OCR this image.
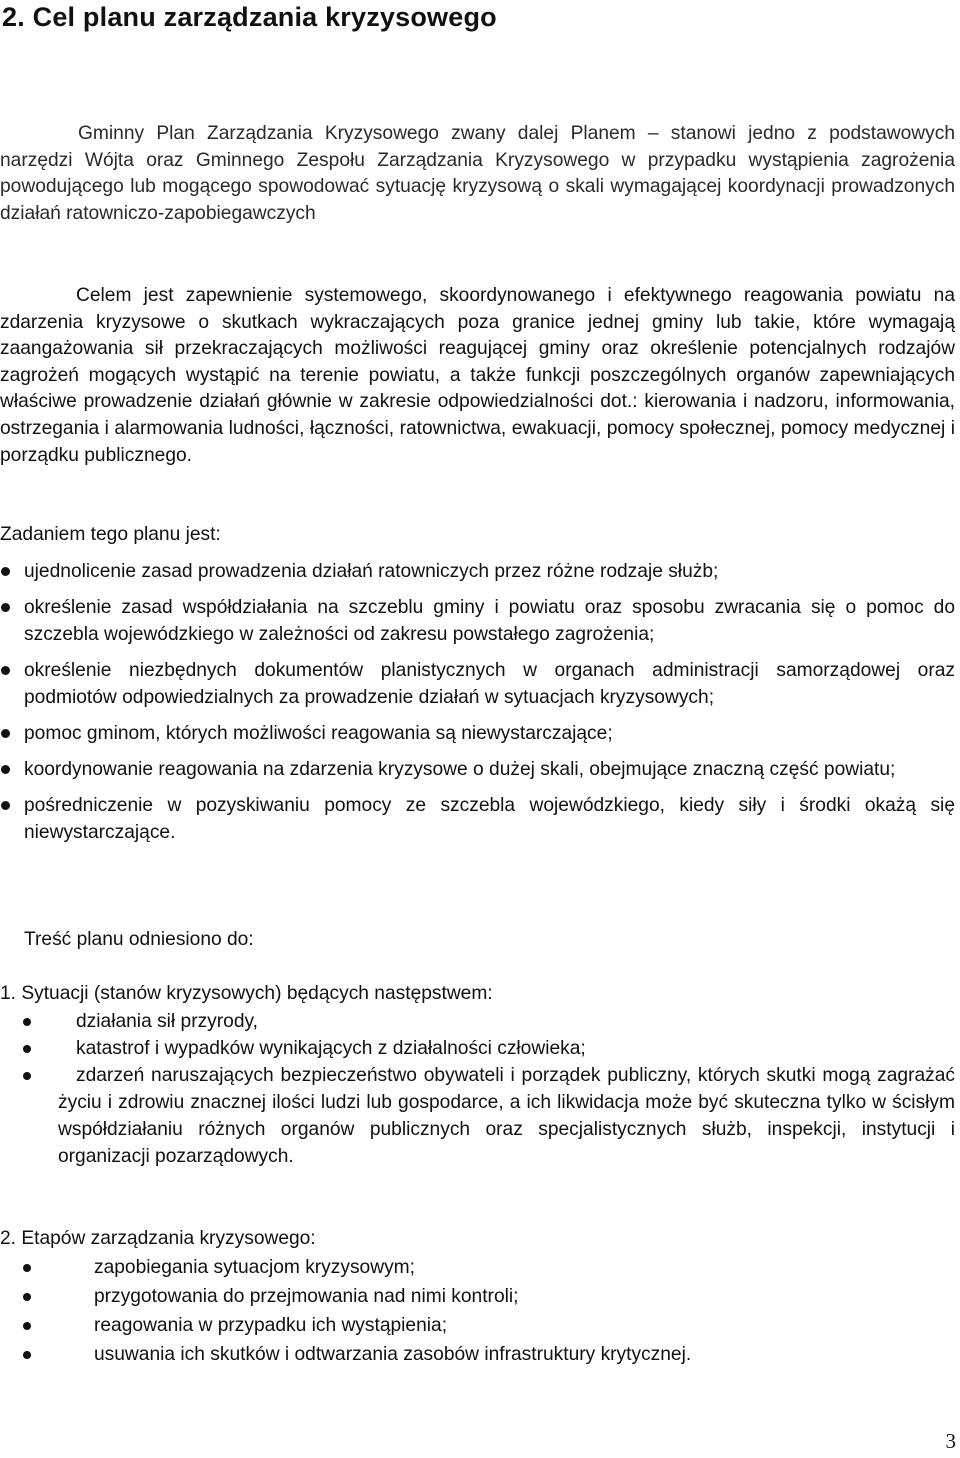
2. Cel planu zarządzania kryzysowego

Gminny Plan Zarządzania Kryzysowego zwany dalej Planem – stanowi jedno z podstawowych narzędzi Wójta oraz Gminnego Zespołu Zarządzania Kryzysowego w przypadku wystąpienia zagrożenia powodującego lub mogącego spowodować sytuację kryzysową o skali wymagającej koordynacji prowadzonych działań ratowniczo-zapobiegawczych

Celem jest zapewnienie systemowego, skoordynowanego i efektywnego reagowania powiatu na zdarzenia kryzysowe o skutkach wykraczających poza granice jednej gminy lub takie, które wymagają zaangażowania sił przekraczających możliwości reagującej gminy oraz określenie potencjalnych rodzajów zagrożeń mogących wystąpić na terenie powiatu, a także funkcji poszczególnych organów zapewniających właściwe prowadzenie działań głównie w zakresie odpowiedzialności dot.: kierowania i nadzoru, informowania, ostrzegania i alarmowania ludności, łączności, ratownictwa, ewakuacji, pomocy społecznej, pomocy medycznej i porządku publicznego.

Zadaniem tego planu jest:

ujednolicenie zasad prowadzenia działań ratowniczych przez różne rodzaje służb;
określenie zasad współdziałania na szczeblu gminy i powiatu oraz sposobu zwracania się o pomoc do szczebla wojewódzkiego w zależności od zakresu powstałego zagrożenia;
określenie niezbędnych dokumentów planistycznych w organach administracji samorządowej oraz podmiotów odpowiedzialnych za prowadzenie działań w sytuacjach kryzysowych;
pomoc gminom, których możliwości reagowania są niewystarczające;
koordynowanie reagowania na zdarzenia kryzysowe o dużej skali, obejmujące znaczną część powiatu;
pośredniczenie w pozyskiwaniu pomocy ze szczebla wojewódzkiego, kiedy siły i środki okażą się niewystarczające.

Treść planu odniesiono do:

1. Sytuacji (stanów kryzysowych) będących następstwem:

działania sił przyrody,
katastrof i wypadków wynikających z działalności człowieka;
zdarzeń naruszających bezpieczeństwo obywateli i porządek publiczny, których skutki mogą zagrażać życiu i zdrowiu znacznej ilości ludzi lub gospodarce, a ich likwidacja może być skuteczna tylko w ścisłym współdziałaniu różnych organów publicznych oraz specjalistycznych służb, inspekcji, instytucji i organizacji pozarządowych.

2. Etapów zarządzania kryzysowego:

zapobiegania sytuacjom kryzysowym;
przygotowania do przejmowania nad nimi kontroli;
reagowania w przypadku ich wystąpienia;
usuwania ich skutków i odtwarzania zasobów infrastruktury krytycznej.
3
